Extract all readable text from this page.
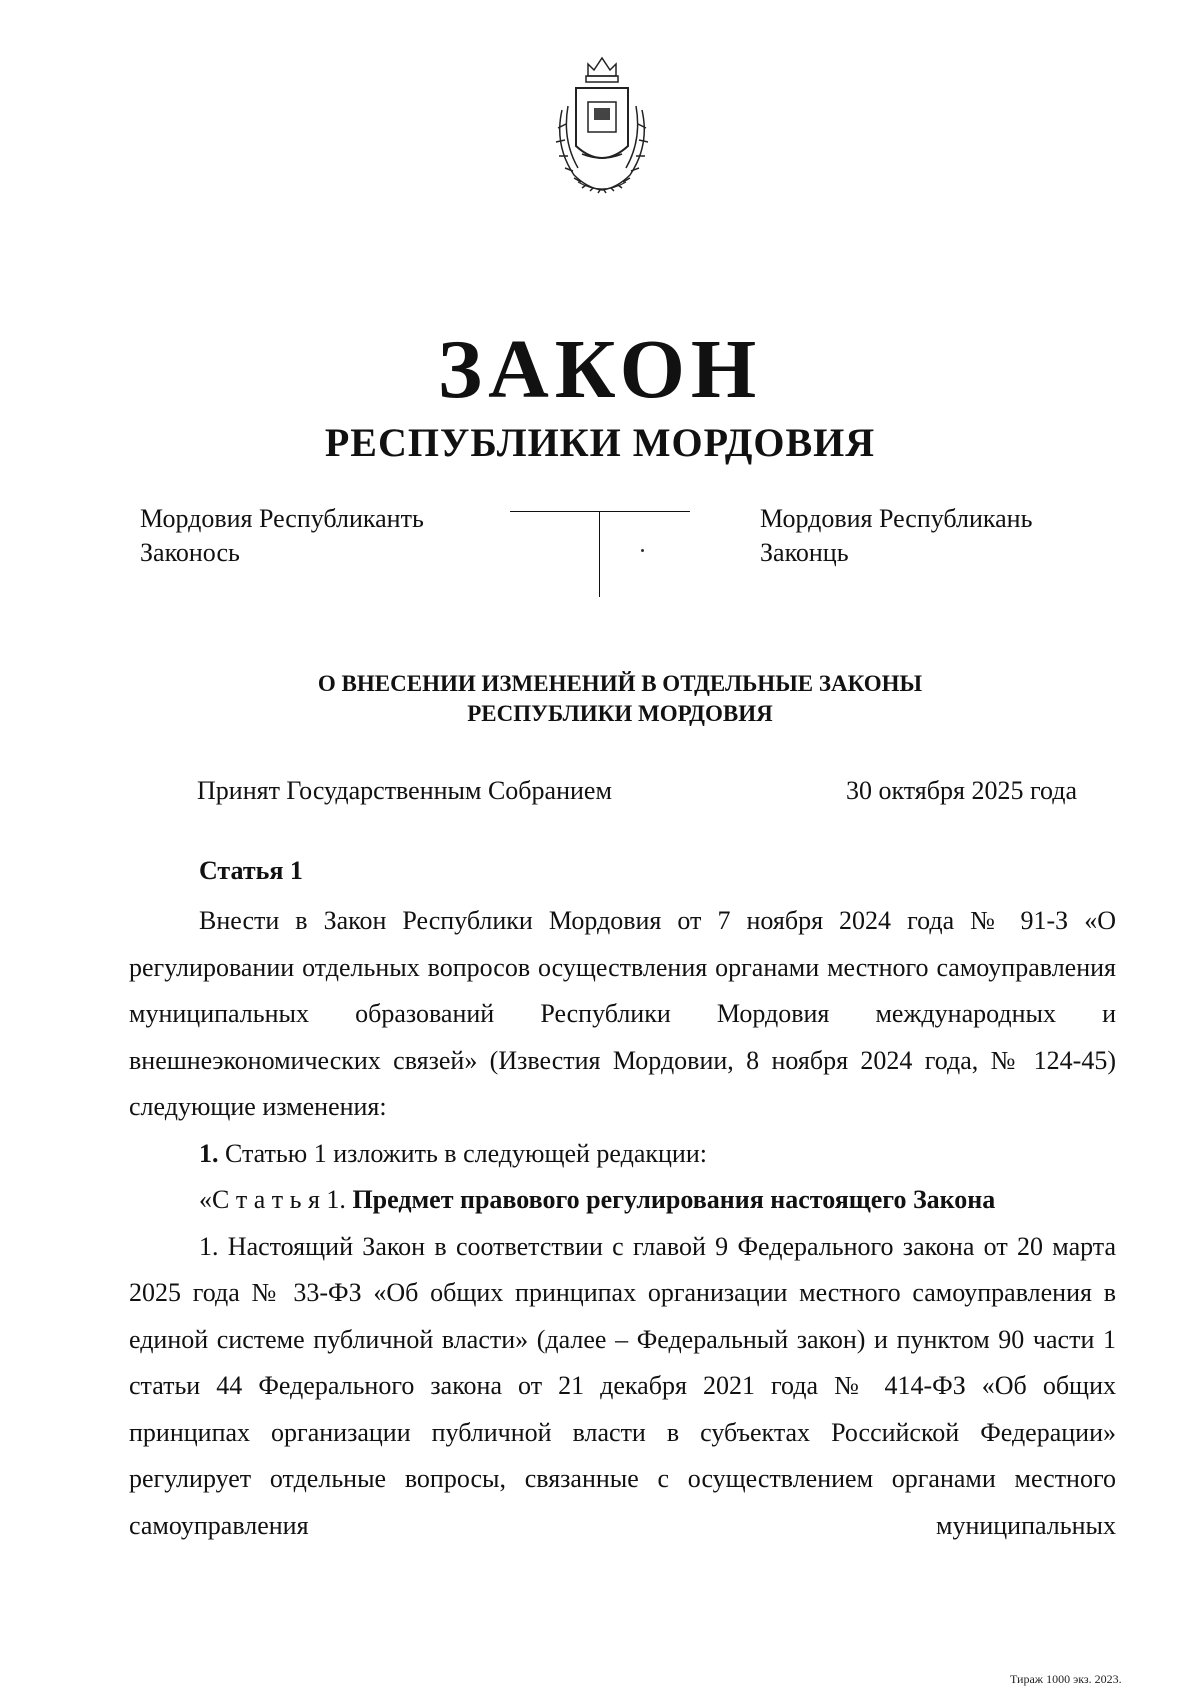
ЗАКОН
РЕСПУБЛИКИ МОРДОВИЯ
Мордовия Республиканть
Законось
Мордовия Республикань
Законць
О ВНЕСЕНИИ ИЗМЕНЕНИЙ В ОТДЕЛЬНЫЕ ЗАКОНЫ
РЕСПУБЛИКИ МОРДОВИЯ
Принят Государственным Собранием	30 октября 2025 года
Статья 1

Внести в Закон Республики Мордовия от 7 ноября 2024 года № 91-З «О регулировании отдельных вопросов осуществления органами местного самоуправления муниципальных образований Республики Мордовия международных и внешнеэкономических связей» (Известия Мордовии, 8 ноября 2024 года, № 124-45) следующие изменения:

1. Статью 1 изложить в следующей редакции:

«С т а т ь я 1. Предмет правового регулирования настоящего Закона

1. Настоящий Закон в соответствии с главой 9 Федерального закона от 20 марта 2025 года № 33-ФЗ «Об общих принципах организации местного самоуправления в единой системе публичной власти» (далее – Федеральный закон) и пунктом 90 части 1 статьи 44 Федерального закона от 21 декабря 2021 года № 414-ФЗ «Об общих принципах организации публичной власти в субъектах Российской Федерации» регулирует отдельные вопросы, связанные с осуществлением органами местного самоуправления муниципальных

Тираж 1000 экз. 2023.
